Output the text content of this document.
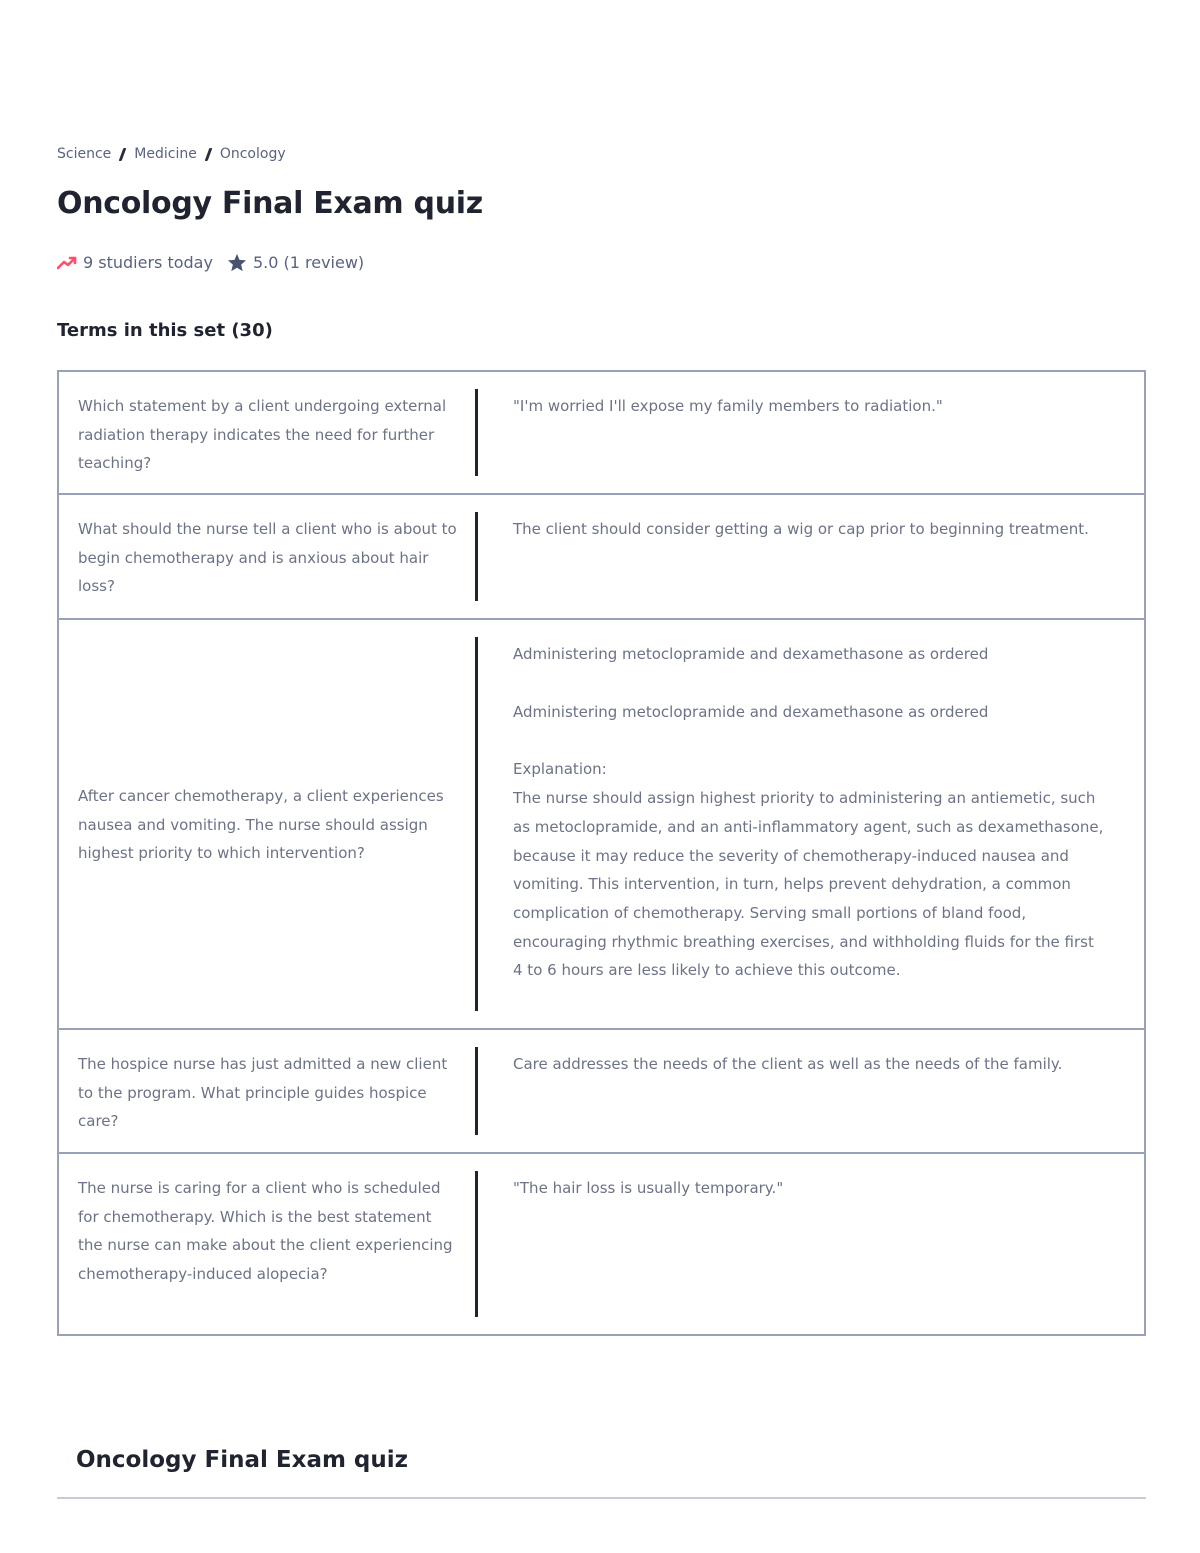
Science Medicine Oncology
Oncology Final Exam quiz
9 studiers today	5.0 (1 review)
Terms in this set (30)
Which statement by a client undergoing external radiation therapy indicates the need for further teaching?

"I'm worried I'll expose my family members to radiation."

What should the nurse tell a client who is about to begin chemotherapy and is anxious about hair loss?

The client should consider getting a wig or cap prior to beginning treatment.

After cancer chemotherapy, a client experiences nausea and vomiting. The nurse should assign highest priority to which intervention?

Administering metoclopramide and dexamethasone as ordered

Administering metoclopramide and dexamethasone as ordered

Explanation:

The nurse should assign highest priority to administering an antiemetic, such as metoclopramide, and an anti-inflammatory agent, such as dexamethasone, because it may reduce the severity of chemotherapy-induced nausea and vomiting. This intervention, in turn, helps prevent dehydration, a common complication of chemotherapy. Serving small portions of bland food, encouraging rhythmic breathing exercises, and withholding fluids for the first 4 to 6 hours are less likely to achieve this outcome.

The hospice nurse has just admitted a new client to the program. What principle guides hospice care?

Care addresses the needs of the client as well as the needs of the family.

The nurse is caring for a client who is scheduled for chemotherapy. Which is the best statement the nurse can make about the client experiencing chemotherapy-induced alopecia?

"The hair loss is usually temporary."

Oncology Final Exam quiz
